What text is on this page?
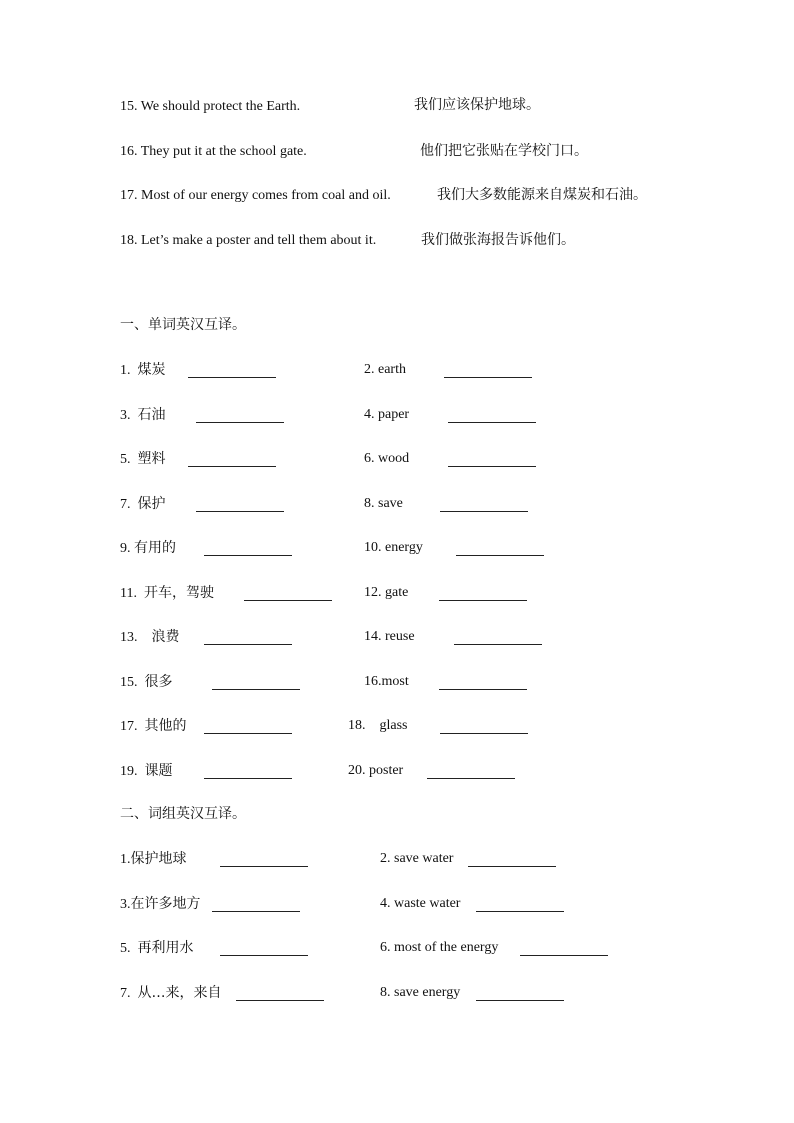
15. We should protect the Earth.	我们应该保护地球。
16. They put it at the school gate.	他们把它张贴在学校门口。
17. Most of our energy comes from coal and oil.	我们大多数能源来自煤炭和石油。
18. Let’s make a poster and tell them about it.	我们做张海报告诉他们。
一、单词英汉互译。
1. 煤炭	2. earth
3. 石油	4. paper
5. 塑料	6. wood
7. 保护	8. save
9. 有用的	10. energy
11. 开车，驾驶	12. gate
13. 浪费	14. reuse
15. 很多	16.most
17. 其他的	18. glass
19. 课题	20. poster
二、词组英汉互译。
1.保护地球	2. save water
3.在许多地方	4. waste water
5. 再利用水	6. most of the energy
7. 从…来，来自	8. save energy
